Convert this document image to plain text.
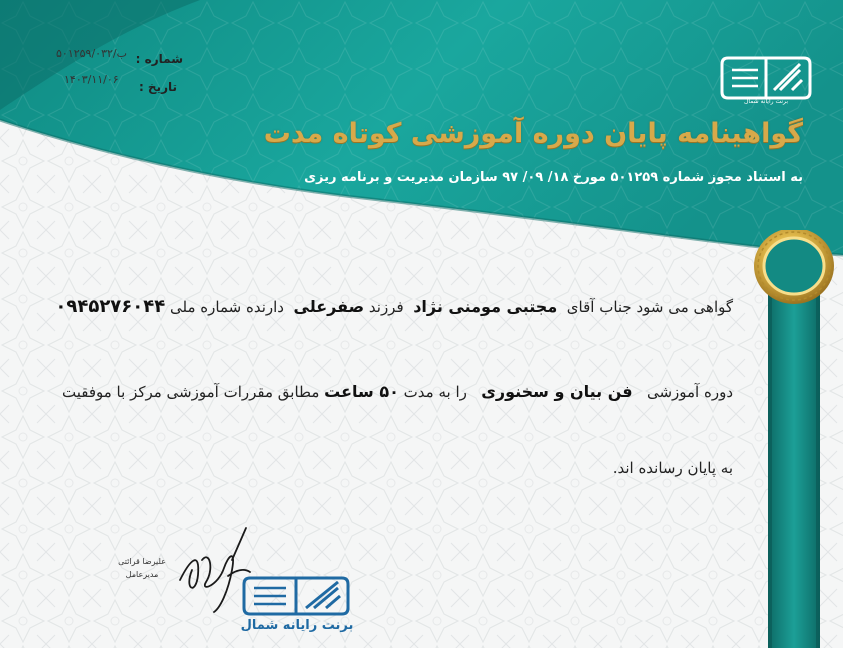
شماره :
۵۰۱۲۵۹/۰۳۲/ب
تاریخ :
۱۴۰۳/۱۱/۰۶
برنت رایانه شمال
گواهینامه پایان دوره آموزشی کوتاه مدت
به استناد مجوز شماره ۵۰۱۲۵۹ مورخ ۱۸/ ۰۹/ ۹۷ سازمان مدیریت و برنامه ریزی
گواهی می شود جناب آقای  مجتبی مومنی نژاد  فرزند صفرعلی  دارنده شماره ملی ۰۹۴۵۲۷۶۰۴۴
دوره آموزشی   فن بیان و سخنوری   را به مدت ۵۰ ساعت مطابق مقررات آموزشی مرکز با موفقیت
به پایان رسانده اند.
علیرضا قرائتی
مدیرعامل
برنت رایانه شمال
